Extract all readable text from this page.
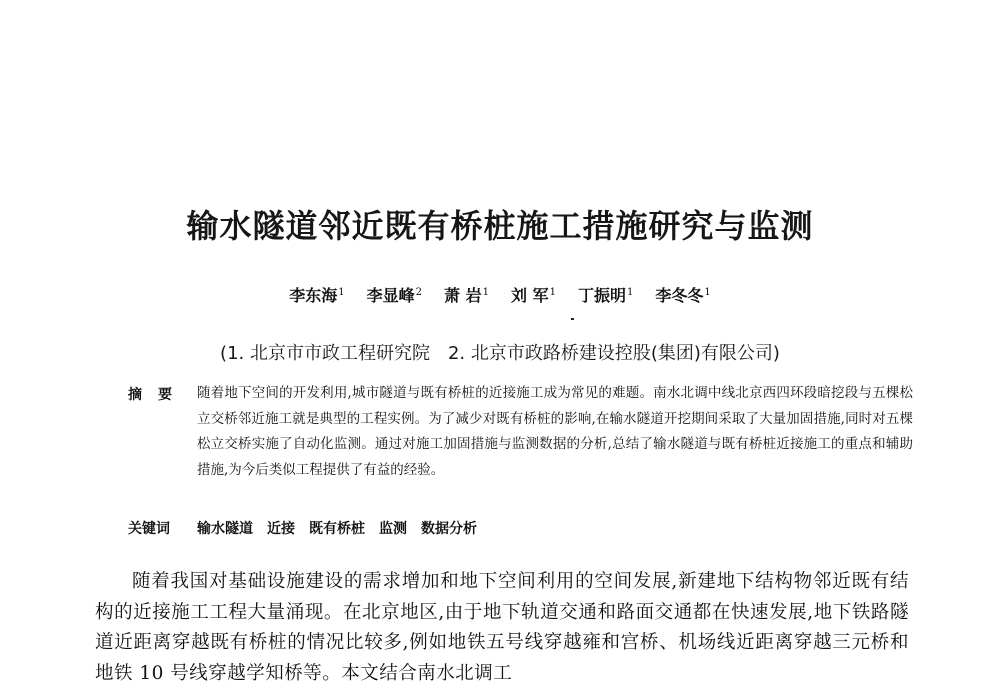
输水隧道邻近既有桥桩施工措施研究与监测
李东海$^1$ 李显峰$^2$ 萧 岩$^1$ 刘 军$^1$ 丁振明$^1$ 李冬冬$^1$
(1. 北京市市政工程研究院　2. 北京市政路桥建设控股(集团)有限公司)
摘要 随着地下空间的开发利用,城市隧道与既有桥桩的近接施工成为常见的难题。南水北调中线北京西四环段暗挖段与五棵松立交桥邻近施工就是典型的工程实例。为了减少对既有桥桩的影响,在输水隧道开挖期间采取了大量加固措施,同时对五棵松立交桥实施了自动化监测。通过对施工加固措施与监测数据的分析,总结了输水隧道与既有桥桩近接施工的重点和辅助措施,为今后类似工程提供了有益的经验。
关键词 输水隧道 近接 既有桥桩 监测 数据分析
随着我国对基础设施建设的需求增加和地下空间利用的空间发展,新建地下结构物邻近既有结构的近接施工工程大量涌现。在北京地区,由于地下轨道交通和路面交通都在快速发展,地下铁路隧道近距离穿越既有桥桩的情况比较多,例如地铁五号线穿越雍和宫桥、机场线近距离穿越三元桥和地铁 10 号线穿越学知桥等。本文结合南水北调工
